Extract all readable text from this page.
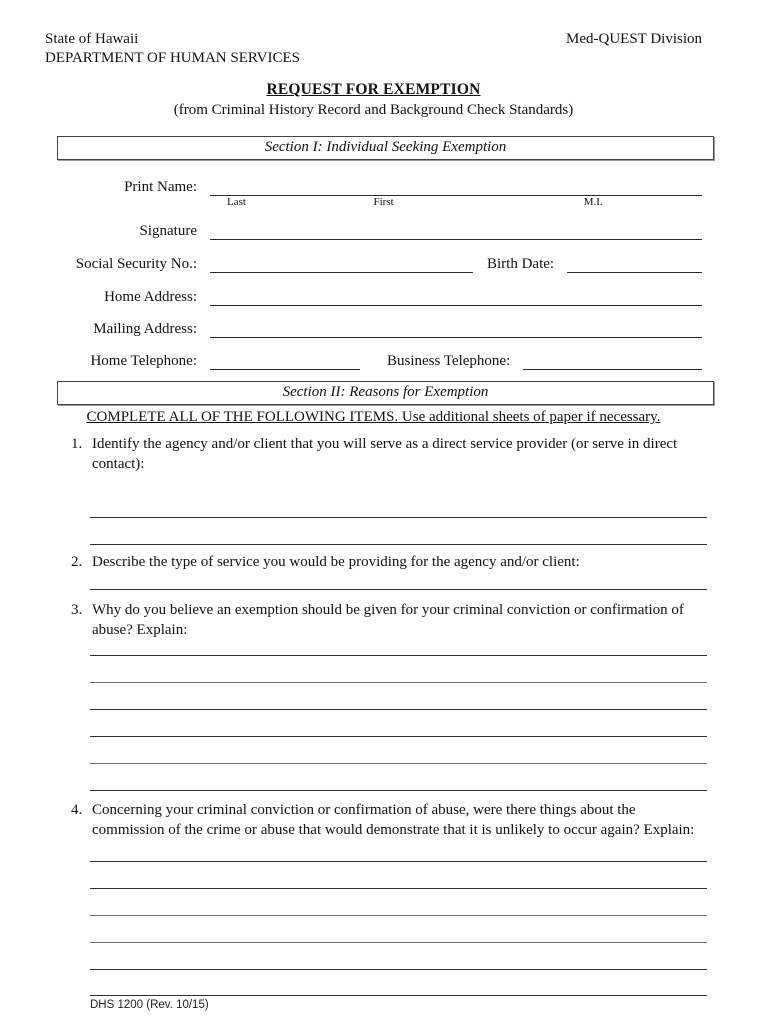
State of Hawaii
DEPARTMENT OF HUMAN SERVICES
Med-QUEST Division
REQUEST FOR EXEMPTION
(from Criminal History Record and Background Check Standards)
Section I: Individual Seeking Exemption
Print Name:
Last	First	M.I.
Signature
Social Security No.:	Birth Date:
Home Address:
Mailing Address:
Home Telephone:	Business Telephone:
Section II: Reasons for Exemption
COMPLETE ALL OF THE FOLLOWING ITEMS. Use additional sheets of paper if necessary.
1. Identify the agency and/or client that you will serve as a direct service provider (or serve in direct contact):
2. Describe the type of service you would be providing for the agency and/or client:
3. Why do you believe an exemption should be given for your criminal conviction or confirmation of abuse? Explain:
4. Concerning your criminal conviction or confirmation of abuse, were there things about the commission of the crime or abuse that would demonstrate that it is unlikely to occur again? Explain:
DHS 1200 (Rev. 10/15)
